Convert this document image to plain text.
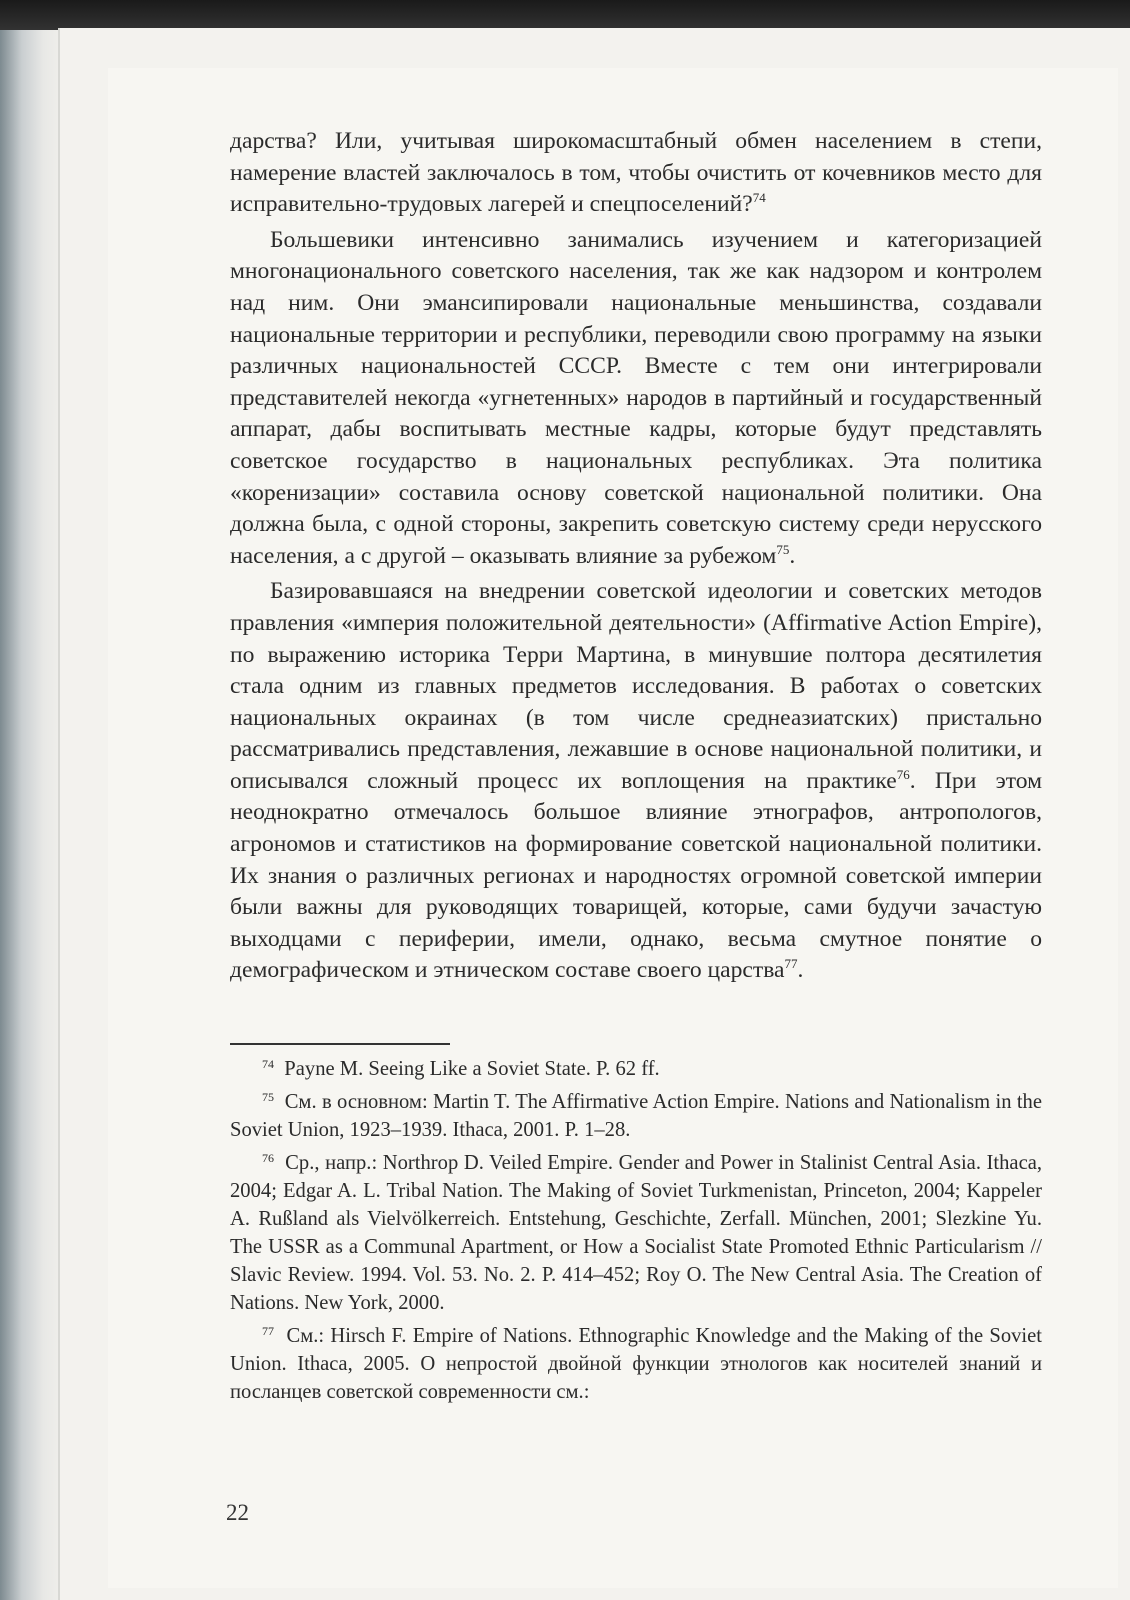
дарства? Или, учитывая широкомасштабный обмен населением в степи, намерение властей заключалось в том, чтобы очистить от кочевников место для исправительно-трудовых лагерей и спецпоселений?$^{74}$

Большевики интенсивно занимались изучением и категоризацией многонационального советского населения, так же как надзором и контролем над ним. Они эмансипировали национальные меньшинства, создавали национальные территории и республики, переводили свою программу на языки различных национальностей СССР. Вместе с тем они интегрировали представителей некогда «угнетенных» народов в партийный и государственный аппарат, дабы воспитывать местные кадры, которые будут представлять советское государство в национальных республиках. Эта политика «коренизации» составила основу советской национальной политики. Она должна была, с одной стороны, закрепить советскую систему среди нерусского населения, а с другой – оказывать влияние за рубежом$^{75}$.

Базировавшаяся на внедрении советской идеологии и советских методов правления «империя положительной деятельности» (Affirmative Action Empire), по выражению историка Терри Мартина, в минувшие полтора десятилетия стала одним из главных предметов исследования. В работах о советских национальных окраинах (в том числе среднеазиатских) пристально рассматривались представления, лежавшие в основе национальной политики, и описывался сложный процесс их воплощения на практике$^{76}$. При этом неоднократно отмечалось большое влияние этнографов, антропологов, агрономов и статистиков на формирование советской национальной политики. Их знания о различных регионах и народностях огромной советской империи были важны для руководящих товарищей, которые, сами будучи зачастую выходцами с периферии, имели, однако, весьма смутное понятие о демографическом и этническом составе своего царства$^{77}$.

$^{74}$ Payne M. Seeing Like a Soviet State. P. 62 ff.

$^{75}$ См. в основном: Martin T. The Affirmative Action Empire. Nations and Nationalism in the Soviet Union, 1923–1939. Ithaca, 2001. P. 1–28.

$^{76}$ Ср., напр.: Northrop D. Veiled Empire. Gender and Power in Stalinist Central Asia. Ithaca, 2004; Edgar A. L. Tribal Nation. The Making of Soviet Turkmenistan, Princeton, 2004; Kappeler A. Rußland als Vielvölkerreich. Entstehung, Geschichte, Zerfall. München, 2001; Slezkine Yu. The USSR as a Communal Apartment, or How a Socialist State Promoted Ethnic Particularism // Slavic Review. 1994. Vol. 53. No. 2. P. 414–452; Roy O. The New Central Asia. The Creation of Nations. New York, 2000.

$^{77}$ См.: Hirsch F. Empire of Nations. Ethnographic Knowledge and the Making of the Soviet Union. Ithaca, 2005. О непростой двойной функции этнологов как носителей знаний и посланцев советской современности см.:

22
